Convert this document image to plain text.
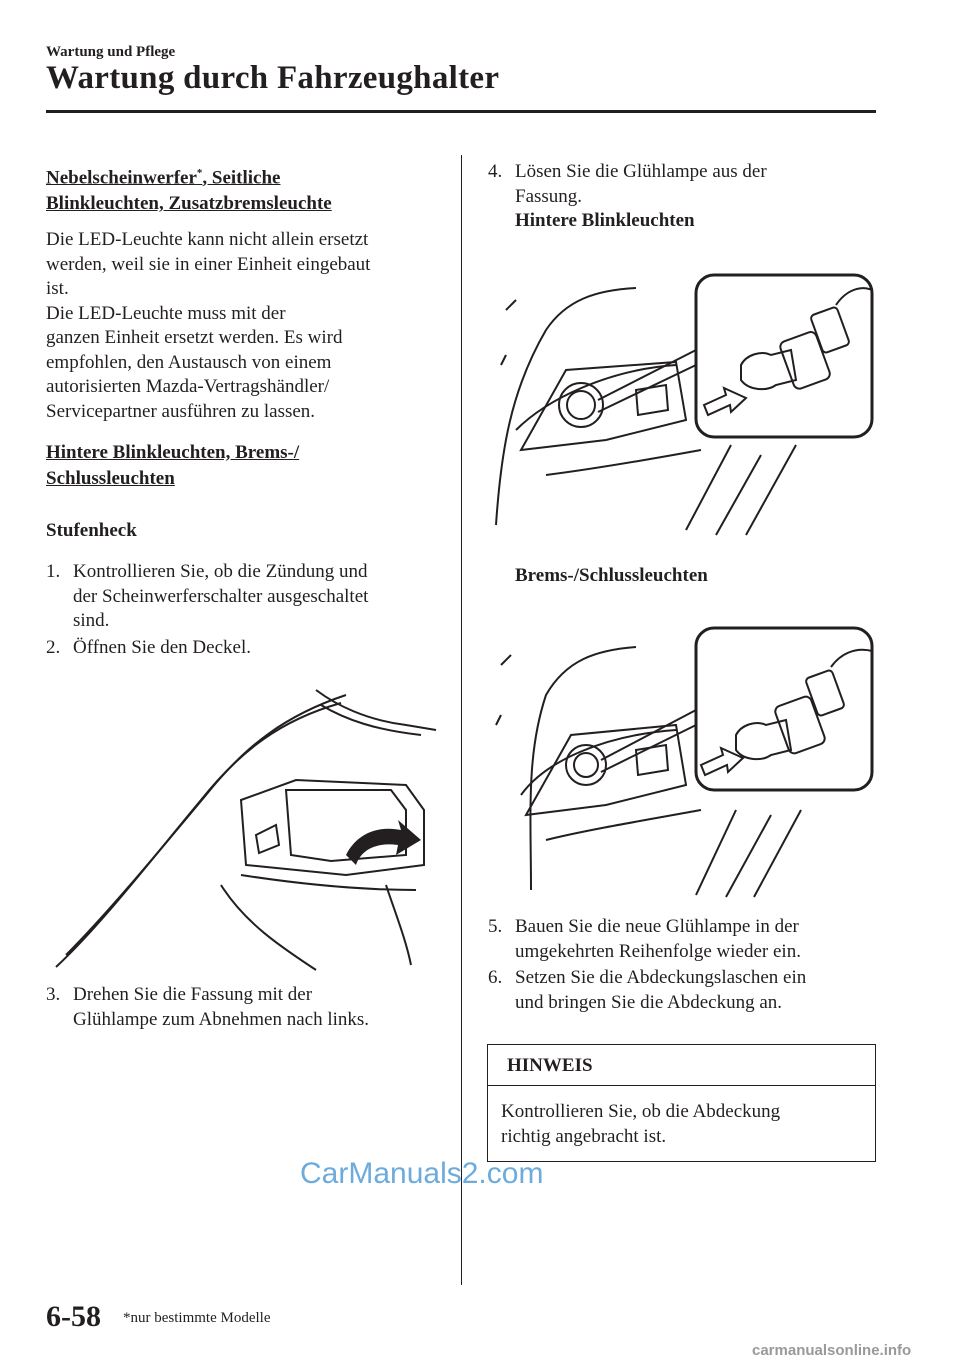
Wartung und Pflege
Wartung durch Fahrzeughalter
Nebelscheinwerfer*, Seitliche
Blinkleuchten, Zusatzbremsleuchte
Die LED-Leuchte kann nicht allein ersetzt
werden, weil sie in einer Einheit eingebaut
ist.
Die LED-Leuchte muss mit der
ganzen Einheit ersetzt werden. Es wird
empfohlen, den Austausch von einem
autorisierten Mazda-Vertragshändler/
Servicepartner ausführen zu lassen.
Hintere Blinkleuchten, Brems-/
Schlussleuchten
Stufenheck
1. Kontrollieren Sie, ob die Zündung und
der Scheinwerferschalter ausgeschaltet
sind.
2. Öffnen Sie den Deckel.
3. Drehen Sie die Fassung mit der
Glühlampe zum Abnehmen nach links.
4. Lösen Sie die Glühlampe aus der
Fassung.
Hintere Blinkleuchten
Brems-/Schlussleuchten
5. Bauen Sie die neue Glühlampe in der
umgekehrten Reihenfolge wieder ein.
6. Setzen Sie die Abdeckungslaschen ein
und bringen Sie die Abdeckung an.
HINWEIS
Kontrollieren Sie, ob die Abdeckung
richtig angebracht ist.
CarManuals2.com
6-58 *nur bestimmte Modelle
carmanualsonline.info
